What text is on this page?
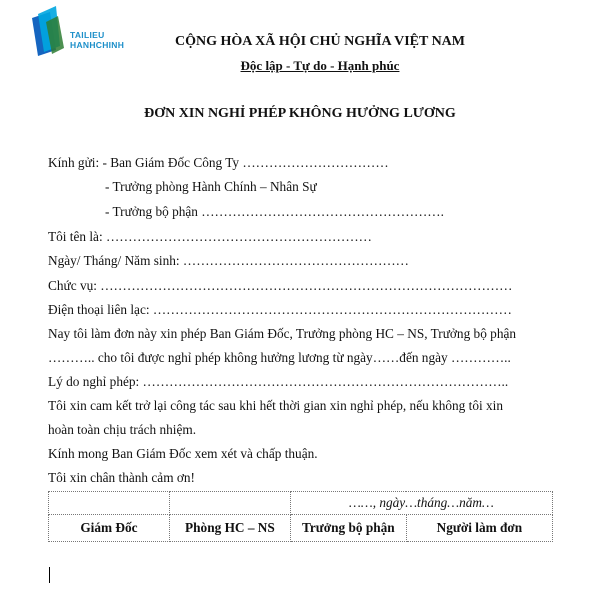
TAILIEU
HANHCHINH	CỘNG HÒA XÃ HỘI CHỦ NGHĨA VIỆT NAM
Độc lập - Tự do - Hạnh phúc
ĐƠN XIN NGHỈ PHÉP KHÔNG HƯỞNG LƯƠNG
Kính gửi: - Ban Giám Đốc Công Ty ……………………………
- Trưởng phòng Hành Chính – Nhân Sự
- Trưởng bộ phận ……………………………………………….
Tôi tên là: ……………………………………………………
Ngày/ Tháng/ Năm sinh: ……………………………………………
Chức vụ: …………………………………………………………………………………
Điện thoại liên lạc: ………………………………………………………………………
Nay tôi làm đơn này xin phép Ban Giám Đốc, Trưởng phòng HC – NS, Trưởng bộ phận
……….. cho tôi được nghỉ phép không hưởng lương từ ngày……đến ngày …………..
Lý do nghỉ phép: ………………………………………………………………………..
Tôi xin cam kết trở lại công tác sau khi hết thời gian xin nghỉ phép, nếu không tôi xin
hoàn toàn chịu trách nhiệm.
Kính mong Ban Giám Đốc xem xét và chấp thuận.
Tôi xin chân thành cảm ơn!
		……, ngày…tháng…năm…	
Giám Đốc	Phòng HC – NS	Trưởng bộ phận	Người làm đơn
